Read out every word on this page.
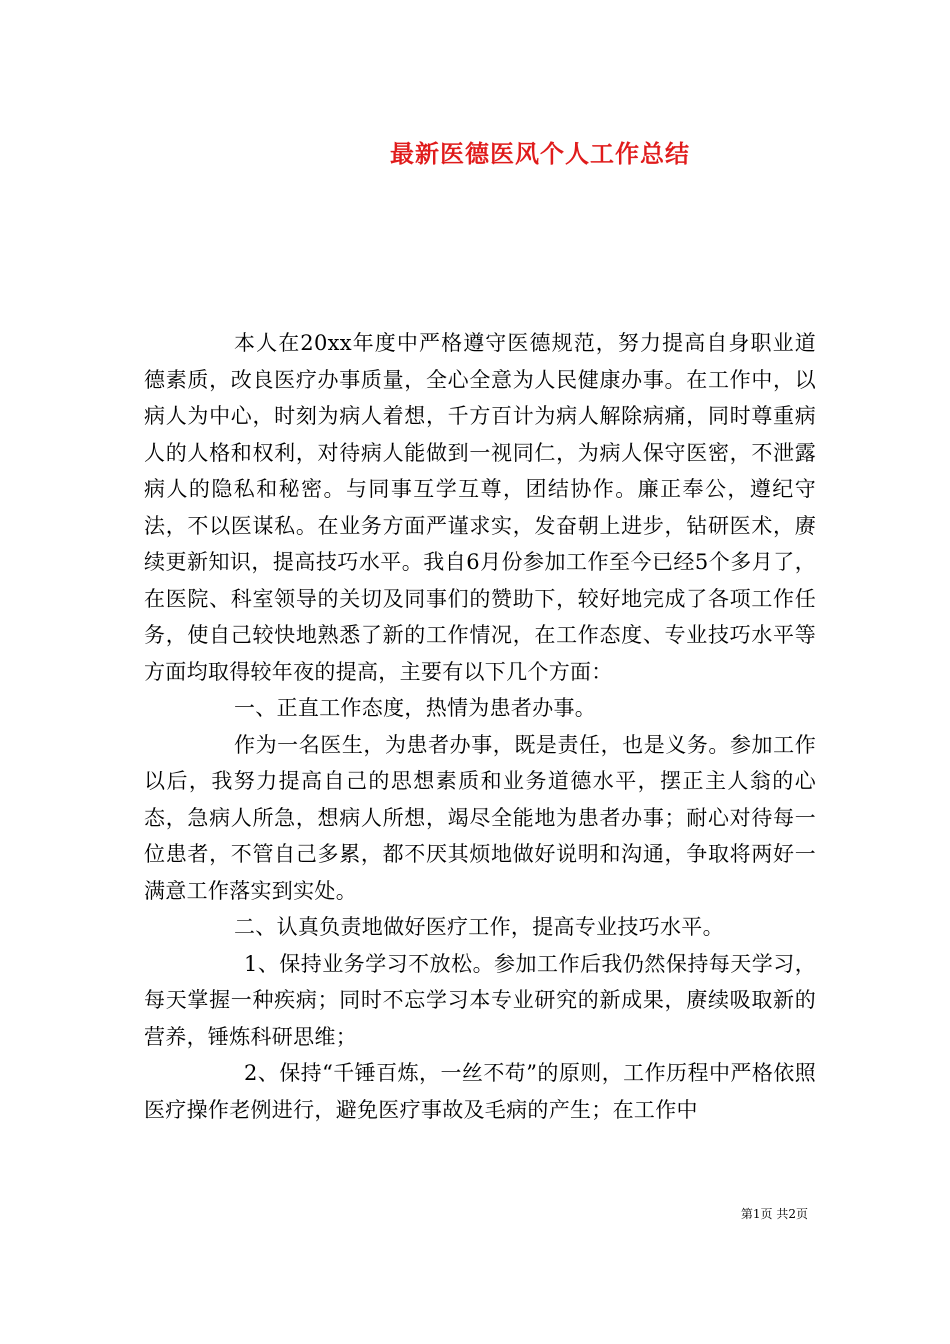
最新医德医风个人工作总结

本人在20xx年度中严格遵守医德规范，努力提高自身职业道德素质，改良医疗办事质量，全心全意为人民健康办事。在工作中，以病人为中心，时刻为病人着想，千方百计为病人解除病痛，同时尊重病人的人格和权利，对待病人能做到一视同仁，为病人保守医密，不泄露病人的隐私和秘密。与同事互学互尊，团结协作。廉正奉公，遵纪守法，不以医谋私。在业务方面严谨求实，发奋朝上进步，钻研医术，赓续更新知识，提高技巧水平。我自6月份参加工作至今已经5个多月了，在医院、科室领导的关切及同事们的赞助下，较好地完成了各项工作任务，使自己较快地熟悉了新的工作情况，在工作态度、专业技巧水平等方面均取得较年夜的提高，主要有以下几个方面：

一、正直工作态度，热情为患者办事。

作为一名医生，为患者办事，既是责任，也是义务。参加工作以后，我努力提高自己的思想素质和业务道德水平，摆正主人翁的心态，急病人所急，想病人所想，竭尽全能地为患者办事；耐心对待每一位患者，不管自己多累，都不厌其烦地做好说明和沟通，争取将两好一满意工作落实到实处。

二、认真负责地做好医疗工作，提高专业技巧水平。

1、保持业务学习不放松。参加工作后我仍然保持每天学习，每天掌握一种疾病；同时不忘学习本专业研究的新成果，赓续吸取新的营养，锤炼科研思维；

2、保持“千锤百炼，一丝不苟”的原则，工作历程中严格依照医疗操作老例进行，避免医疗事故及毛病的产生；在工作中

第1页 共2页
